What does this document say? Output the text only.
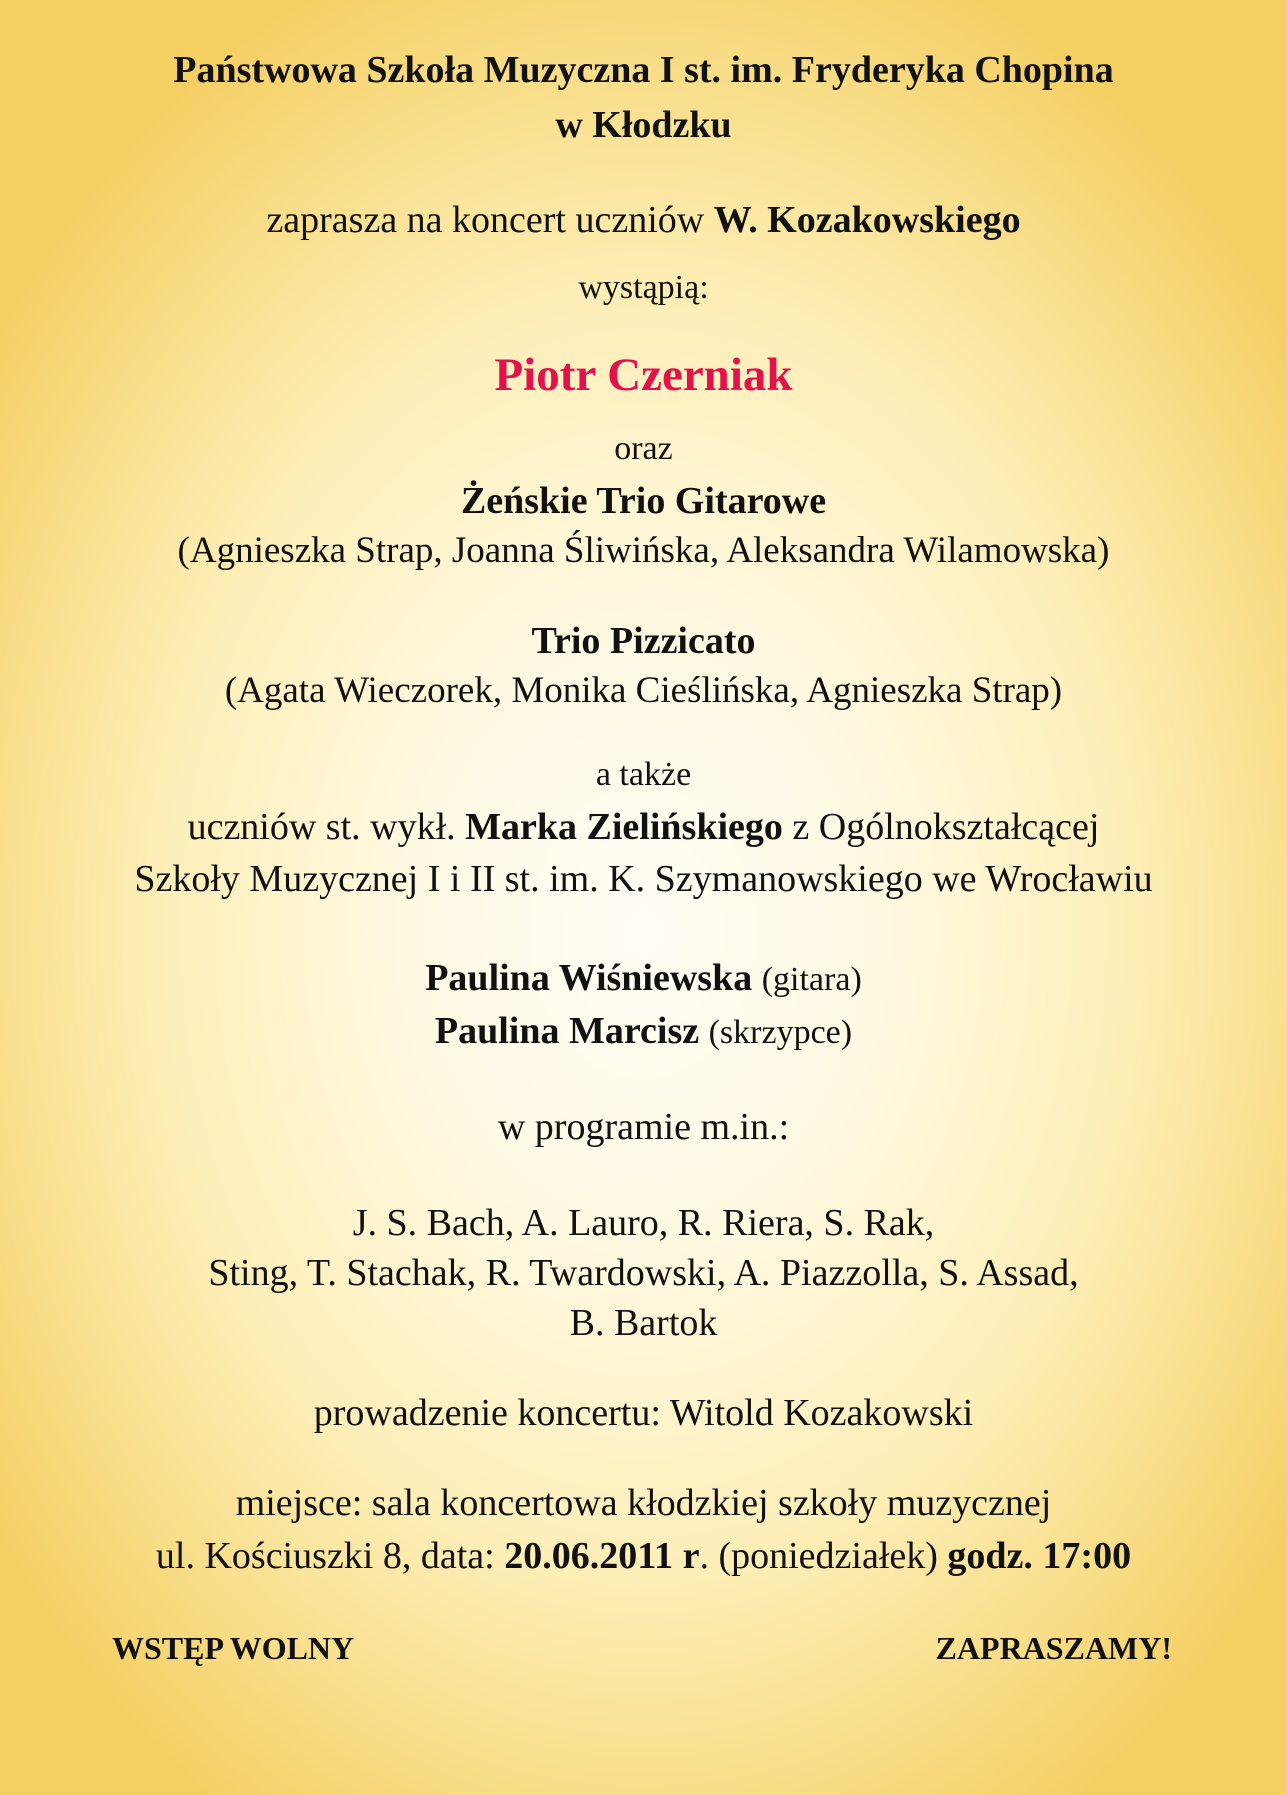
Państwowa Szkoła Muzyczna I st. im. Fryderyka Chopina
w Kłodzku
zaprasza na koncert uczniów W. Kozakowskiego
wystąpią:
Piotr Czerniak
oraz
Żeńskie Trio Gitarowe
(Agnieszka Strap, Joanna Śliwińska, Aleksandra Wilamowska)
Trio Pizzicato
(Agata Wieczorek, Monika Cieślińska, Agnieszka Strap)
a także
uczniów st. wykł. Marka Zielińskiego z Ogólnokształcącej
Szkoły Muzycznej I i II st. im. K. Szymanowskiego we Wrocławiu
Paulina Wiśniewska (gitara)
Paulina Marcisz (skrzypce)
w programie m.in.:
J. S. Bach, A. Lauro, R. Riera, S. Rak,
Sting, T. Stachak, R. Twardowski, A. Piazzolla, S. Assad,
B. Bartok
prowadzenie koncertu: Witold Kozakowski
miejsce: sala koncertowa kłodzkiej szkoły muzycznej
ul. Kościuszki 8, data: 20.06.2011 r. (poniedziałek) godz. 17:00
WSTĘP WOLNY	ZAPRASZAMY!
